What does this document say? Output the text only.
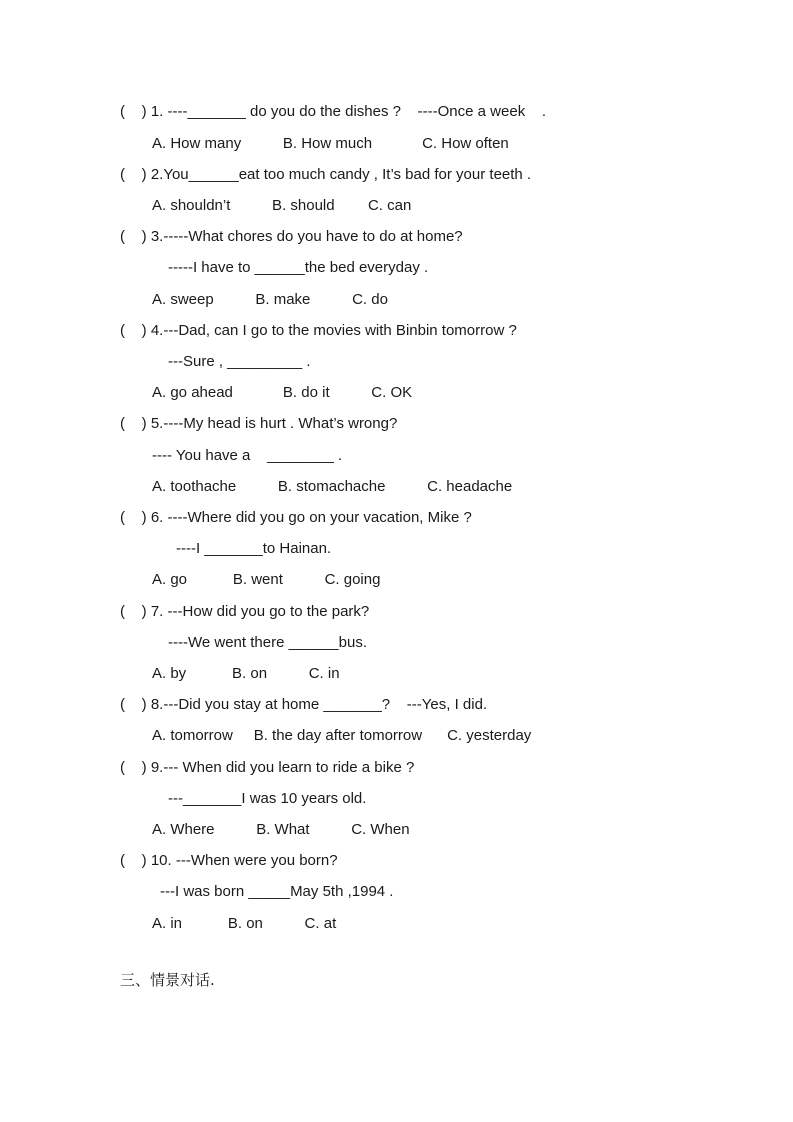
(    ) 1. ----_______ do you do the dishes ?    ----Once a week    .
A. How many          B. How much            C. How often
(    ) 2.You______eat too much candy , It’s bad for your teeth .
A. shouldn’t          B. should        C. can
(    ) 3.-----What chores do you have to do at home?
-----I have to ______the bed everyday .
A. sweep          B. make          C. do
(    ) 4.---Dad, can I go to the movies with Binbin tomorrow ?
---Sure , _________ .
A. go ahead            B. do it          C. OK
(    ) 5.----My head is hurt . What’s wrong?
---- You have a    ________ .
A. toothache          B. stomachache          C. headache
(    ) 6. ----Where did you go on your vacation, Mike ?
----I _______to Hainan.
A. go           B. went          C. going
(    ) 7. ---How did you go to the park?
----We went there ______bus.
A. by           B. on          C. in
(    ) 8.---Did you stay at home _______?    ---Yes, I did.
A. tomorrow     B. the day after tomorrow      C. yesterday
(    ) 9.--- When did you learn to ride a bike ?
---_______I was 10 years old.
A. Where          B. What          C. When
(    ) 10. ---When were you born?
---I was born _____May 5th ,1994 .
A. in           B. on          C. at
三、情景对话.
